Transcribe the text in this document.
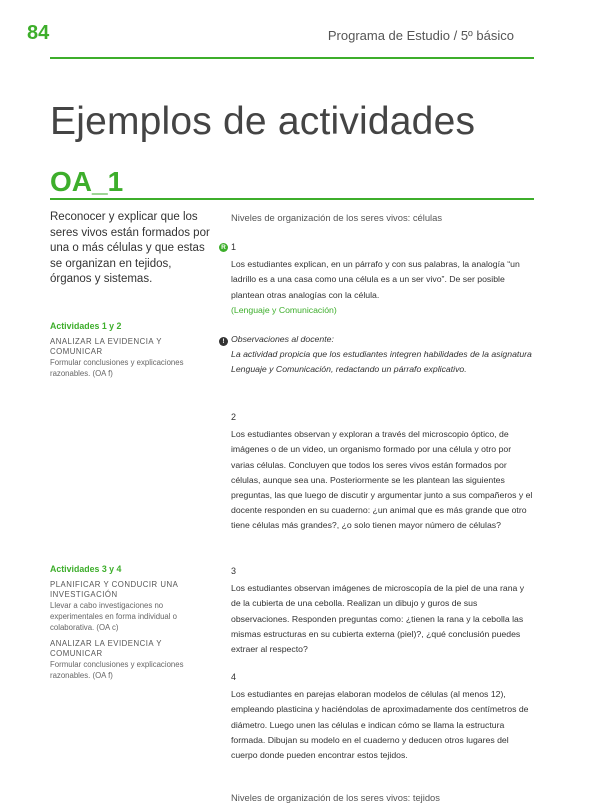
84	Programa de Estudio / 5º básico
Ejemplos de actividades
OA_1
Reconocer y explicar que los seres vivos están formados por una o más células y que estas se organizan en tejidos, órganos y sistemas.
Actividades 1 y 2
ANALIZAR LA EVIDENCIA Y COMUNICAR
Formular conclusiones y explicaciones razonables. (OA f)
Actividades 3 y 4
PLANIFICAR Y CONDUCIR UNA INVESTIGACIÓN
Llevar a cabo investigaciones no experimentales en forma individual o colaborativa. (OA c)
ANALIZAR LA EVIDENCIA Y COMUNICAR
Formular conclusiones y explicaciones razonables. (OA f)
Niveles de organización de los seres vivos: células
R 1
Los estudiantes explican, en un párrafo y con sus palabras, la analogía “un ladrillo es a una casa como una célula es a un ser vivo”. De ser posible plantean otras analogías con la célula.
(Lenguaje y Comunicación)
! Observaciones al docente:
La actividad propicia que los estudiantes integren habilidades de la asignatura Lenguaje y Comunicación, redactando un párrafo explicativo.
2
Los estudiantes observan y exploran a través del microscopio óptico, de imágenes o de un video, un organismo formado por una célula y otro por varias células. Concluyen que todos los seres vivos están formados por células, aunque sea una. Posteriormente se les plantean las siguientes preguntas, las que luego de discutir y argumentar junto a sus compañeros y el docente responden en su cuaderno: ¿un animal que es más grande que otro tiene células más grandes?, ¿o solo tienen mayor número de células?
3
Los estudiantes observan imágenes de microscopía de la piel de una rana y de la cubierta de una cebolla. Realizan un dibujo y guros de sus observaciones. Responden preguntas como: ¿tienen la rana y la cebolla las mismas estructuras en su cubierta externa (piel)?, ¿qué conclusión puedes extraer al respecto?
4
Los estudiantes en parejas elaboran modelos de células (al menos 12), empleando plasticina y haciéndolas de aproximadamente dos centímetros de diámetro. Luego unen las células e indican cómo se llama la estructura formada. Dibujan su modelo en el cuaderno y deducen otros lugares del cuerpo donde pueden encontrar estos tejidos.
Niveles de organización de los seres vivos: tejidos
